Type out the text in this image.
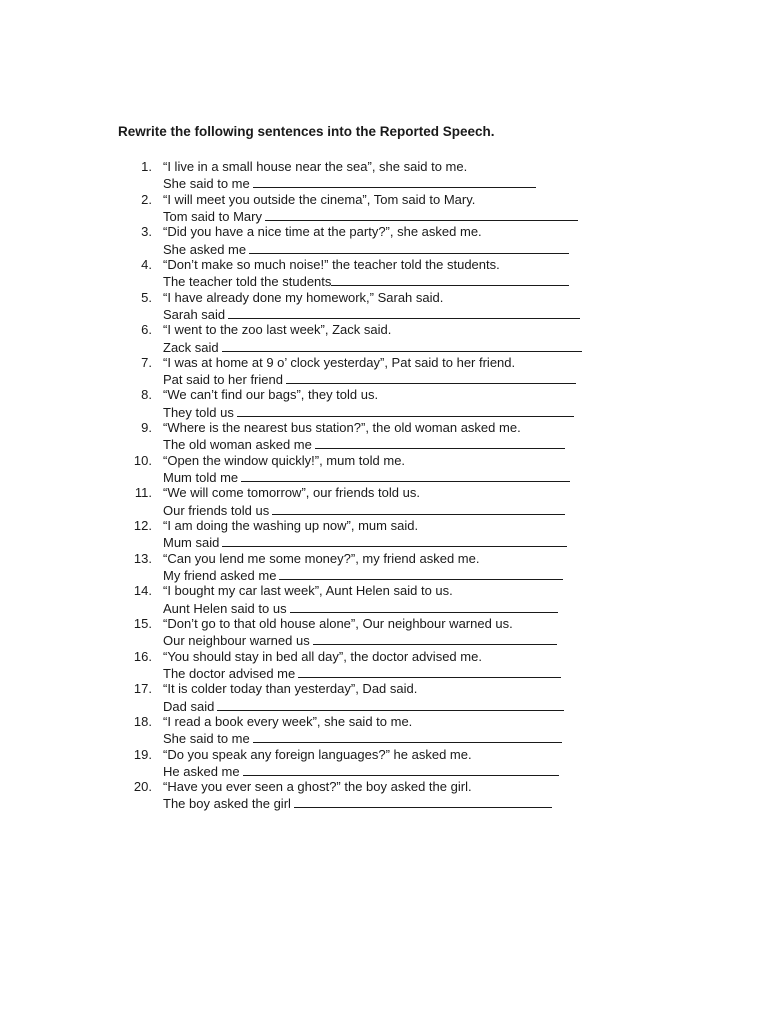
Rewrite the following sentences into the Reported Speech.
1. “I live in a small house near the sea”, she said to me.
She said to me
2. “I will meet you outside the cinema”, Tom said to Mary.
Tom said to Mary
3. “Did you have a nice time at the party?”, she asked me.
She asked me
4. “Don’t make so much noise!” the teacher told the students.
The teacher told the students
5. “I have already done my homework,” Sarah said.
Sarah said
6. “I went to the zoo last week”, Zack said.
Zack said
7. “I was at home at 9 o’ clock yesterday”, Pat said to her friend.
Pat said to her friend
8. “We can’t find our bags”, they told us.
They told us
9. “Where is the nearest bus station?”, the old woman asked me.
The old woman asked me
10. “Open the window quickly!”, mum told me.
Mum told me
11. “We will come tomorrow”, our friends told us.
Our friends told us
12. “I am doing the washing up now”, mum said.
Mum said
13. “Can you lend me some money?”, my friend asked me.
My friend asked me
14. “I bought my car last week”, Aunt Helen said to us.
Aunt Helen said to us
15. “Don’t go to that old house alone”, Our neighbour warned us.
Our neighbour warned us
16. “You should stay in bed all day”, the doctor advised me.
The doctor advised me
17. “It is colder today than yesterday”, Dad said.
Dad said
18. “I read a book every week”, she said to me.
She said to me
19. “Do you speak any foreign languages?” he asked me.
He asked me
20. “Have you ever seen a ghost?” the boy asked the girl.
The boy asked the girl
